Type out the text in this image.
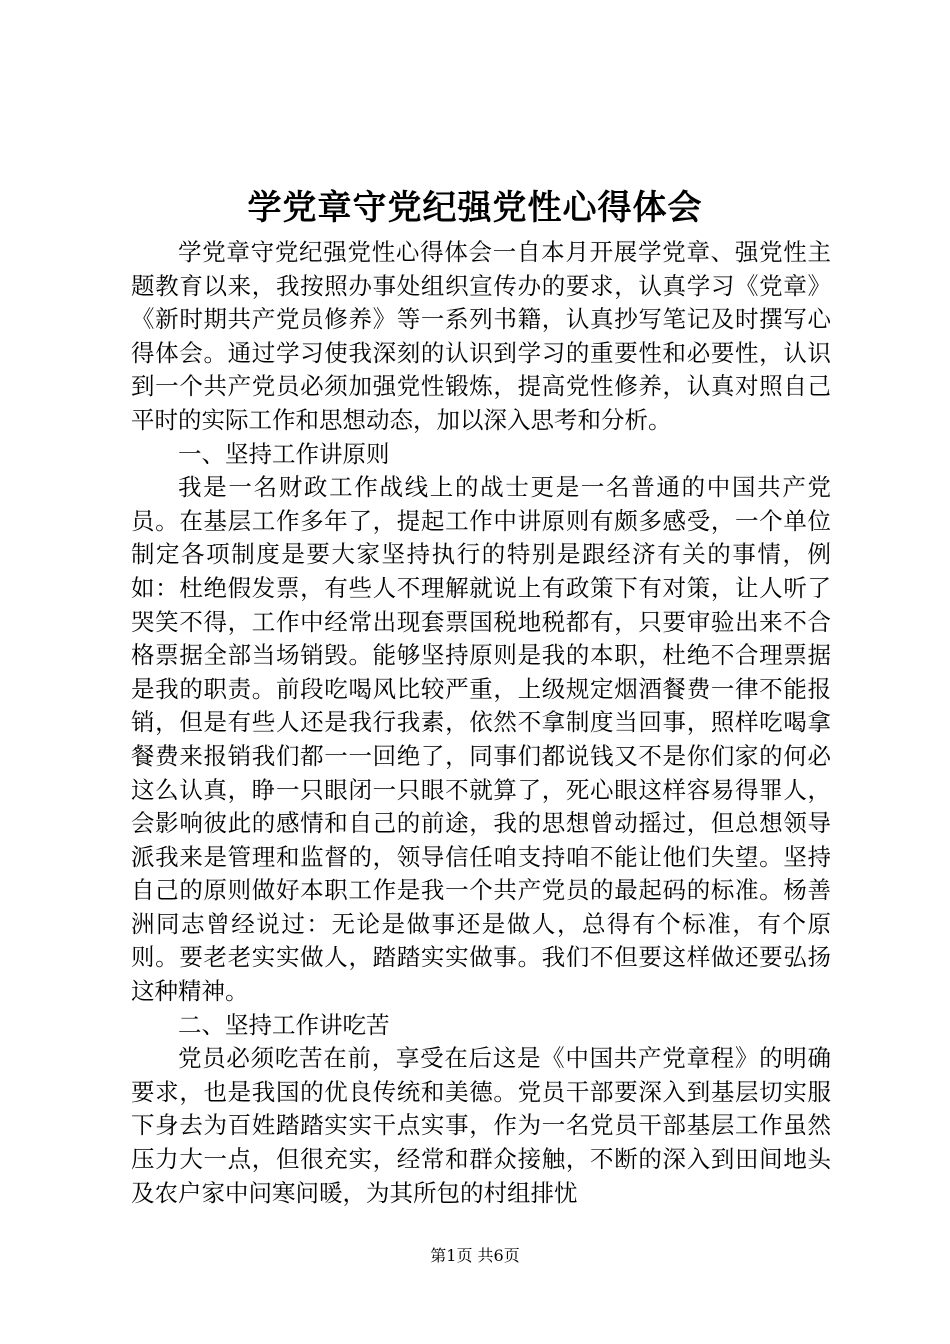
学党章守党纪强党性心得体会

学党章守党纪强党性心得体会一自本月开展学党章、强党性主题教育以来，我按照办事处组织宣传办的要求，认真学习《党章》《新时期共产党员修养》等一系列书籍，认真抄写笔记及时撰写心得体会。通过学习使我深刻的认识到学习的重要性和必要性，认识到一个共产党员必须加强党性锻炼，提高党性修养，认真对照自己平时的实际工作和思想动态，加以深入思考和分析。

一、坚持工作讲原则

我是一名财政工作战线上的战士更是一名普通的中国共产党员。在基层工作多年了，提起工作中讲原则有颇多感受，一个单位制定各项制度是要大家坚持执行的特别是跟经济有关的事情，例如：杜绝假发票，有些人不理解就说上有政策下有对策，让人听了哭笑不得，工作中经常出现套票国税地税都有，只要审验出来不合格票据全部当场销毁。能够坚持原则是我的本职，杜绝不合理票据是我的职责。前段吃喝风比较严重，上级规定烟酒餐费一律不能报销，但是有些人还是我行我素，依然不拿制度当回事，照样吃喝拿餐费来报销我们都一一回绝了，同事们都说钱又不是你们家的何必这么认真，睁一只眼闭一只眼不就算了，死心眼这样容易得罪人，会影响彼此的感情和自己的前途，我的思想曾动摇过，但总想领导派我来是管理和监督的，领导信任咱支持咱不能让他们失望。坚持自己的原则做好本职工作是我一个共产党员的最起码的标准。杨善洲同志曾经说过：无论是做事还是做人，总得有个标准，有个原则。要老老实实做人，踏踏实实做事。我们不但要这样做还要弘扬这种精神。

二、坚持工作讲吃苦

党员必须吃苦在前，享受在后这是《中国共产党章程》的明确要求，也是我国的优良传统和美德。党员干部要深入到基层切实服下身去为百姓踏踏实实干点实事，作为一名党员干部基层工作虽然压力大一点，但很充实，经常和群众接触，不断的深入到田间地头及农户家中问寒问暖，为其所包的村组排忧

第1页 共6页
